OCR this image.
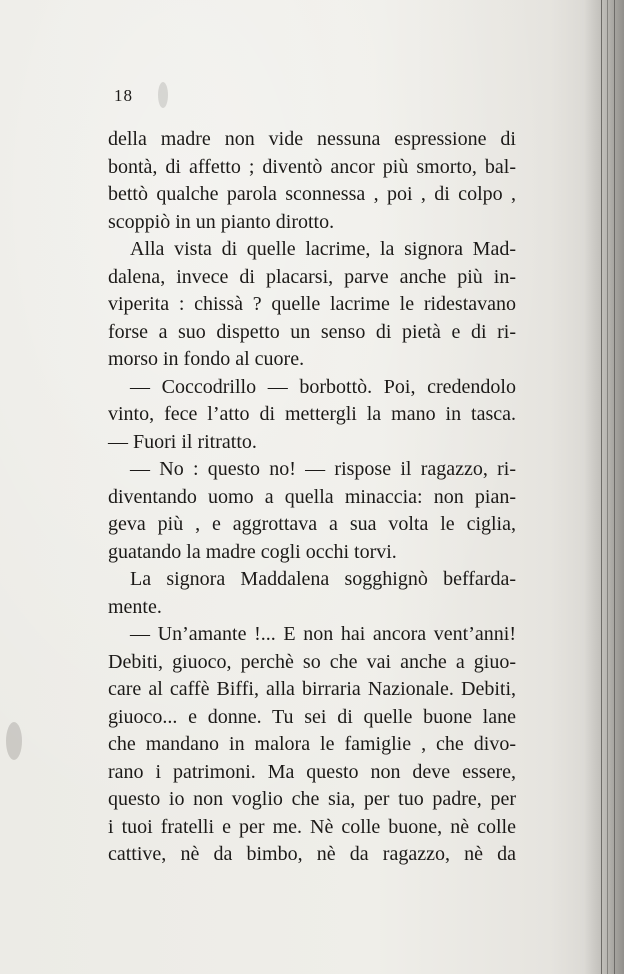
18
della madre non vide nessuna espressione di
bontà, di affetto ; diventò ancor più smorto, bal-
bettò qualche parola sconnessa , poi , di colpo ,
scoppiò in un pianto dirotto.
Alla vista di quelle lacrime, la signora Mad-
dalena, invece di placarsi, parve anche più in-
viperita : chissà ? quelle lacrime le ridestavano
forse a suo dispetto un senso di pietà e di ri-
morso in fondo al cuore.
— Coccodrillo — borbottò. Poi, credendolo
vinto, fece l’atto di mettergli la mano in tasca.
— Fuori il ritratto.
— No : questo no! — rispose il ragazzo, ri-
diventando uomo a quella minaccia: non pian-
geva più , e aggrottava a sua volta le ciglia,
guatando la madre cogli occhi torvi.
La signora Maddalena sogghignò beffarda-
mente.
— Un’amante !... E non hai ancora vent’anni!
Debiti, giuoco, perchè so che vai anche a giuo-
care al caffè Biffi, alla birraria Nazionale. Debiti,
giuoco... e donne. Tu sei di quelle buone lane
che mandano in malora le famiglie , che divo-
rano i patrimoni. Ma questo non deve essere,
questo io non voglio che sia, per tuo padre, per
i tuoi fratelli e per me. Nè colle buone, nè colle
cattive, nè da bimbo, nè da ragazzo, nè da
